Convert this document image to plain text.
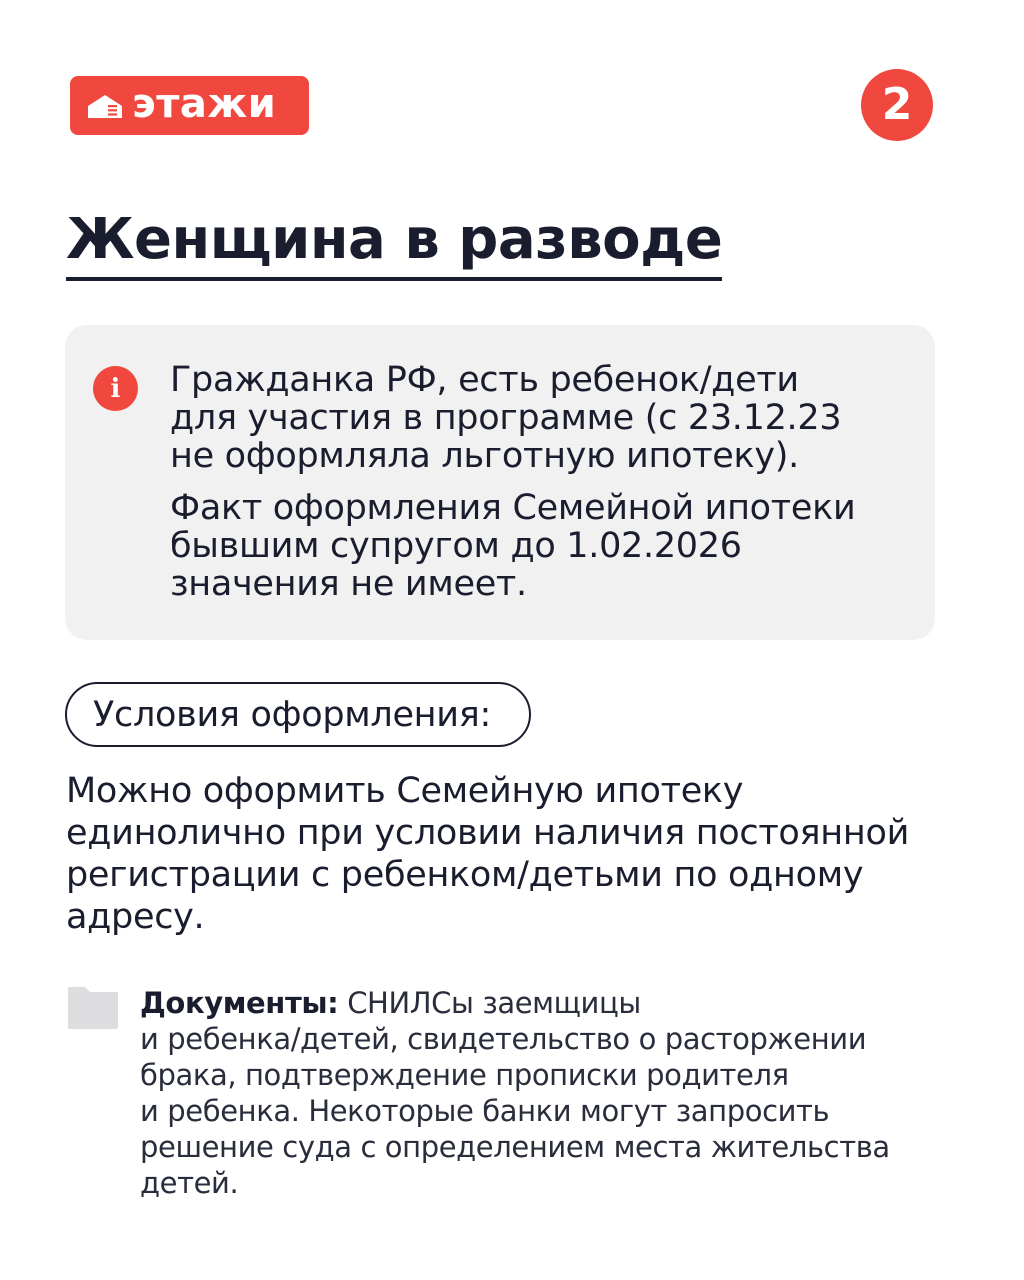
этажи	2
Женщина в разводе
i	Гражданка РФ, есть ребенок/дети
для участия в программе (с 23.12.23
не оформляла льготную ипотеку).

Факт оформления Семейной ипотеки
бывшим супругом до 1.02.2026
значения не имеет.

Условия оформления:

Можно оформить Семейную ипотеку
единолично при условии наличия постоянной
регистрации с ребенком/детьми по одному
адресу.

Документы: СНИЛСы заемщицы
и ребенка/детей, свидетельство о расторжении
брака, подтверждение прописки родителя
и ребенка. Некоторые банки могут запросить
решение суда с определением места жительства
детей.
